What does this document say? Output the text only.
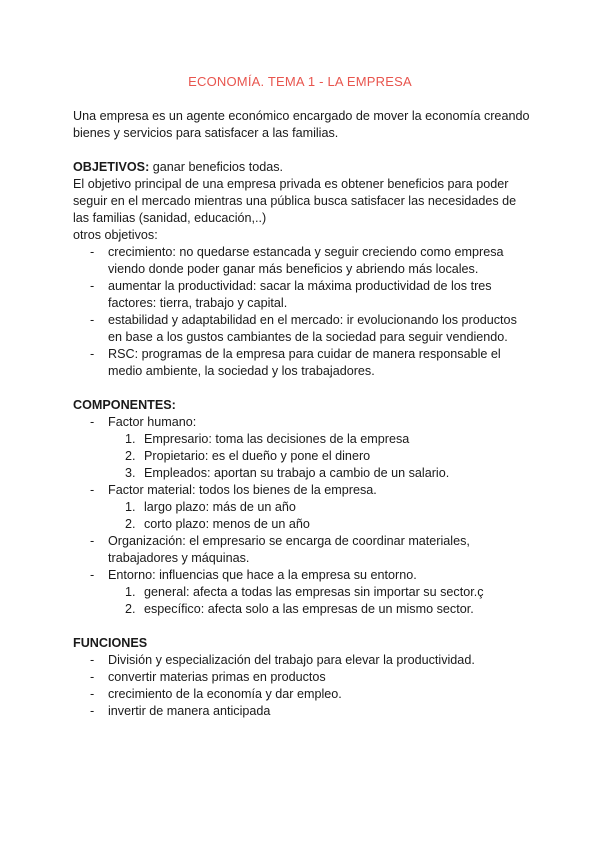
ECONOMÍA. TEMA 1 - LA EMPRESA

Una empresa es un agente económico encargado de mover la economía creando bienes y servicios para satisfacer a las familias.

OBJETIVOS: ganar beneficios todas.

El objetivo principal de una empresa privada es obtener beneficios para poder seguir en el mercado mientras una pública busca satisfacer las necesidades de las familias (sanidad, educación,..)

otros objetivos:

- crecimiento: no quedarse estancada y seguir creciendo como empresa viendo donde poder ganar más beneficios y abriendo más locales.
- aumentar la productividad: sacar la máxima productividad de los tres factores: tierra, trabajo y capital.
- estabilidad y adaptabilidad en el mercado: ir evolucionando los productos en base a los gustos cambiantes de la sociedad para seguir vendiendo.
- RSC: programas de la empresa para cuidar de manera responsable el medio ambiente, la sociedad y los trabajadores.

COMPONENTES:

- Factor humano:
1. Empresario: toma las decisiones de la empresa
2. Propietario: es el dueño y pone el dinero
3. Empleados: aportan su trabajo a cambio de un salario.
- Factor material: todos los bienes de la empresa.
1. largo plazo: más de un año
2. corto plazo: menos de un año
- Organización: el empresario se encarga de coordinar materiales, trabajadores y máquinas.
- Entorno: influencias que hace a la empresa su entorno.
1. general: afecta a todas las empresas sin importar su sector.ç
2. específico: afecta solo a las empresas de un mismo sector.

FUNCIONES

- División y especialización del trabajo para elevar la productividad.
- convertir materias primas en productos
- crecimiento de la economía y dar empleo.
- invertir de manera anticipada
